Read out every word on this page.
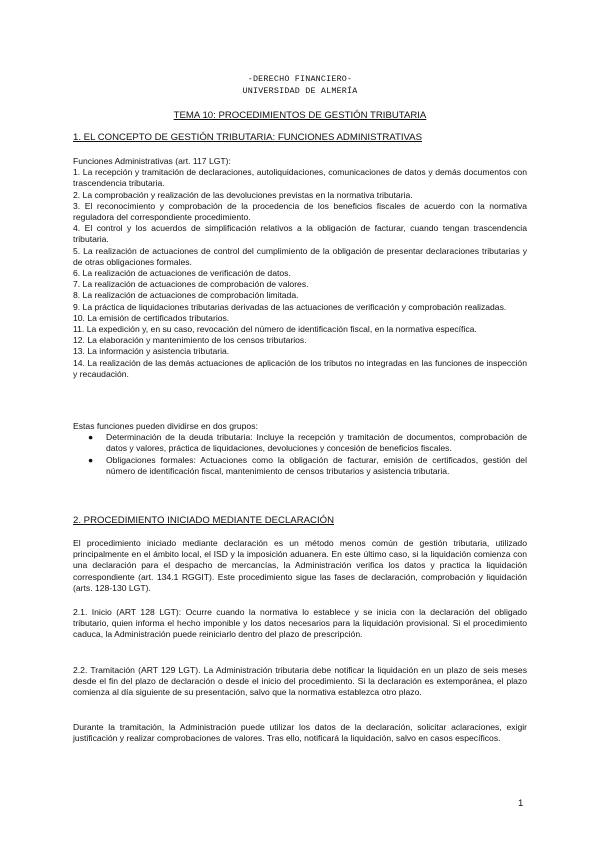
-DERECHO FINANCIERO-
UNIVERSIDAD DE ALMERÍA
TEMA 10: PROCEDIMIENTOS DE GESTIÓN TRIBUTARIA
1. EL CONCEPTO DE GESTIÓN TRIBUTARIA: FUNCIONES ADMINISTRATIVAS
Funciones Administrativas (art. 117 LGT):
1. La recepción y tramitación de declaraciones, autoliquidaciones, comunicaciones de datos y demás documentos con trascendencia tributaria.
2. La comprobación y realización de las devoluciones previstas en la normativa tributaria.
3. El reconocimiento y comprobación de la procedencia de los beneficios fiscales de acuerdo con la normativa reguladora del correspondiente procedimiento.
4. El control y los acuerdos de simplificación relativos a la obligación de facturar, cuando tengan trascendencia tributaria.
5. La realización de actuaciones de control del cumplimiento de la obligación de presentar declaraciones tributarias y de otras obligaciones formales.
6. La realización de actuaciones de verificación de datos.
7. La realización de actuaciones de comprobación de valores.
8. La realización de actuaciones de comprobación limitada.
9. La práctica de liquidaciones tributarias derivadas de las actuaciones de verificación y comprobación realizadas.
10. La emisión de certificados tributarios.
11. La expedición y, en su caso, revocación del número de identificación fiscal, en la normativa específica.
12. La elaboración y mantenimiento de los censos tributarios.
13. La información y asistencia tributaria.
14. La realización de las demás actuaciones de aplicación de los tributos no integradas en las funciones de inspección y recaudación.
Estas funciones pueden dividirse en dos grupos:
● Determinación de la deuda tributaria: Incluye la recepción y tramitación de documentos, comprobación de datos y valores, práctica de liquidaciones, devoluciones y concesión de beneficios fiscales.
● Obligaciones formales: Actuaciones como la obligación de facturar, emisión de certificados, gestión del número de identificación fiscal, mantenimiento de censos tributarios y asistencia tributaria.
2. PROCEDIMIENTO INICIADO MEDIANTE DECLARACIÓN
El procedimiento iniciado mediante declaración es un método menos común de gestión tributaria, utilizado principalmente en el ámbito local, el ISD y la imposición aduanera. En este último caso, si la liquidación comienza con una declaración para el despacho de mercancías, la Administración verifica los datos y practica la liquidación correspondiente (art. 134.1 RGGIT). Este procedimiento sigue las fases de declaración, comprobación y liquidación (arts. 128-130 LGT).
2.1. Inicio (ART 128 LGT): Ocurre cuando la normativa lo establece y se inicia con la declaración del obligado tributario, quien informa el hecho imponible y los datos necesarios para la liquidación provisional. Si el procedimiento caduca, la Administración puede reiniciarlo dentro del plazo de prescripción.
2.2. Tramitación (ART 129 LGT). La Administración tributaria debe notificar la liquidación en un plazo de seis meses desde el fin del plazo de declaración o desde el inicio del procedimiento. Si la declaración es extemporánea, el plazo comienza al día siguiente de su presentación, salvo que la normativa establezca otro plazo.
Durante la tramitación, la Administración puede utilizar los datos de la declaración, solicitar aclaraciones, exigir justificación y realizar comprobaciones de valores. Tras ello, notificará la liquidación, salvo en casos específicos.
1
